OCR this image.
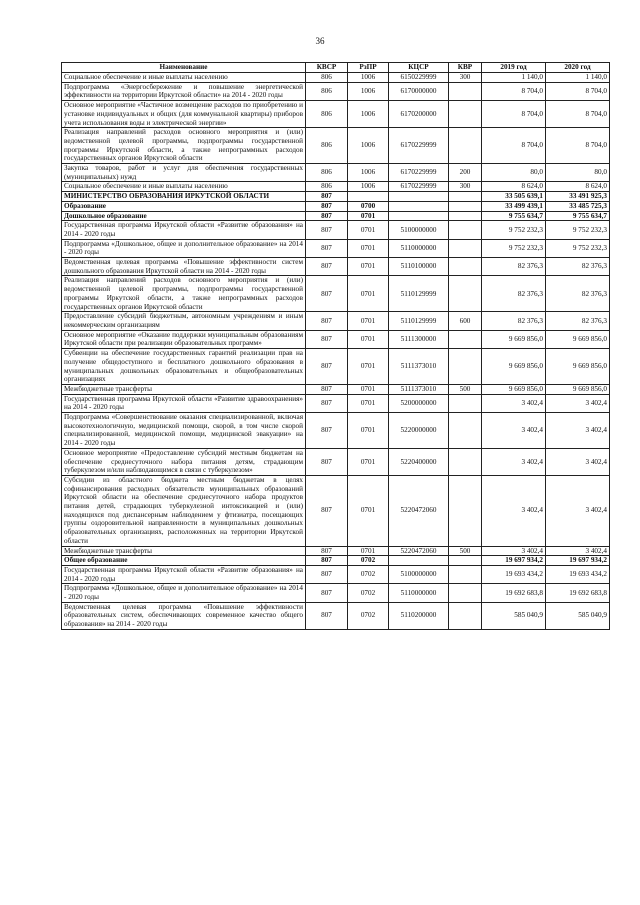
36
Наименование	КВСР	РзПР	КЦСР	КВР	2019 год	2020 год
Социальное обеспечение и иные выплаты населению	806	1006	6150229999	300	1 140,0	1 140,0
Подпрограмма «Энергосбережение и повышение энергетической эффективности на территории Иркутской области» на 2014 - 2020 годы	806	1006	6170000000		8 704,0	8 704,0
Основное мероприятие «Частичное возмещение расходов по приобретению и установке индивидуальных и общих (для коммунальной квартиры) приборов учета использования воды и электрической энергии»	806	1006	6170200000		8 704,0	8 704,0
Реализация направлений расходов основного мероприятия и (или) ведомственной целевой программы, подпрограммы государственной программы Иркутской области, а также непрограммных расходов государственных органов Иркутской области	806	1006	6170229999		8 704,0	8 704,0
Закупка товаров, работ и услуг для обеспечения государственных (муниципальных) нужд	806	1006	6170229999	200	80,0	80,0
Социальное обеспечение и иные выплаты населению	806	1006	6170229999	300	8 624,0	8 624,0
МИНИСТЕРСТВО ОБРАЗОВАНИЯ ИРКУТСКОЙ ОБЛАСТИ	807				33 505 639,1	33 491 925,3
Образование	807	0700			33 499 439,1	33 485 725,3
Дошкольное образование	807	0701			9 755 634,7	9 755 634,7
Государственная программа Иркутской области «Развитие образования» на 2014 - 2020 годы	807	0701	5100000000		9 752 232,3	9 752 232,3
Подпрограмма «Дошкольное, общее и дополнительное образование» на 2014 - 2020 годы	807	0701	5110000000		9 752 232,3	9 752 232,3
Ведомственная целевая программа «Повышение эффективности систем дошкольного образования Иркутской области на 2014 - 2020 годы	807	0701	5110100000		82 376,3	82 376,3
Реализация направлений расходов основного мероприятия и (или) ведомственной целевой программы, подпрограммы государственной программы Иркутской области, а также непрограммных расходов государственных органов Иркутской области	807	0701	5110129999		82 376,3	82 376,3
Предоставление субсидий бюджетным, автономным учреждениям и иным некоммерческим организациям	807	0701	5110129999	600	82 376,3	82 376,3
Основное мероприятие «Оказание поддержки муниципальным образованиям Иркутской области при реализации образовательных программ»	807	0701	5111300000		9 669 856,0	9 669 856,0
Субвенции на обеспечение государственных гарантий реализации прав на получение общедоступного и бесплатного дошкольного образования в муниципальных дошкольных образовательных и общеобразовательных организациях	807	0701	5111373010		9 669 856,0	9 669 856,0
Межбюджетные трансферты	807	0701	5111373010	500	9 669 856,0	9 669 856,0
Государственная программа Иркутской области «Развитие здравоохранения» на 2014 - 2020 годы	807	0701	5200000000		3 402,4	3 402,4
Подпрограмма «Совершенствование оказания специализированной, включая высокотехнологичную, медицинской помощи, скорой, в том числе скорой специализированной, медицинской помощи, медицинской эвакуации» на 2014 - 2020 годы	807	0701	5220000000		3 402,4	3 402,4
Основное мероприятие «Предоставление субсидий местным бюджетам на обеспечение среднесуточного набора питания детям, страдающим туберкулезом и/или наблюдающимся в связи с туберкулезом»	807	0701	5220400000		3 402,4	3 402,4
Субсидии из областного бюджета местным бюджетам в целях софинансирования расходных обязательств муниципальных образований Иркутской области на обеспечение среднесуточного набора продуктов питания детей, страдающих туберкулезной интоксикацией и (или) находящихся под диспансерным наблюдением у фтизиатра, посещающих группы оздоровительной направленности в муниципальных дошкольных образовательных организациях, расположенных на территории Иркутской области	807	0701	5220472060		3 402,4	3 402,4
Межбюджетные трансферты	807	0701	5220472060	500	3 402,4	3 402,4
Общее образование	807	0702			19 697 934,2	19 697 934,2
Государственная программа Иркутской области «Развитие образования» на 2014 - 2020 годы	807	0702	5100000000		19 693 434,2	19 693 434,2
Подпрограмма «Дошкольное, общее и дополнительное образование» на 2014 - 2020 годы	807	0702	5110000000		19 692 683,8	19 692 683,8
Ведомственная целевая программа «Повышение эффективности образовательных систем, обеспечивающих современное качество общего образования» на 2014 - 2020 годы	807	0702	5110200000		585 040,9	585 040,9
